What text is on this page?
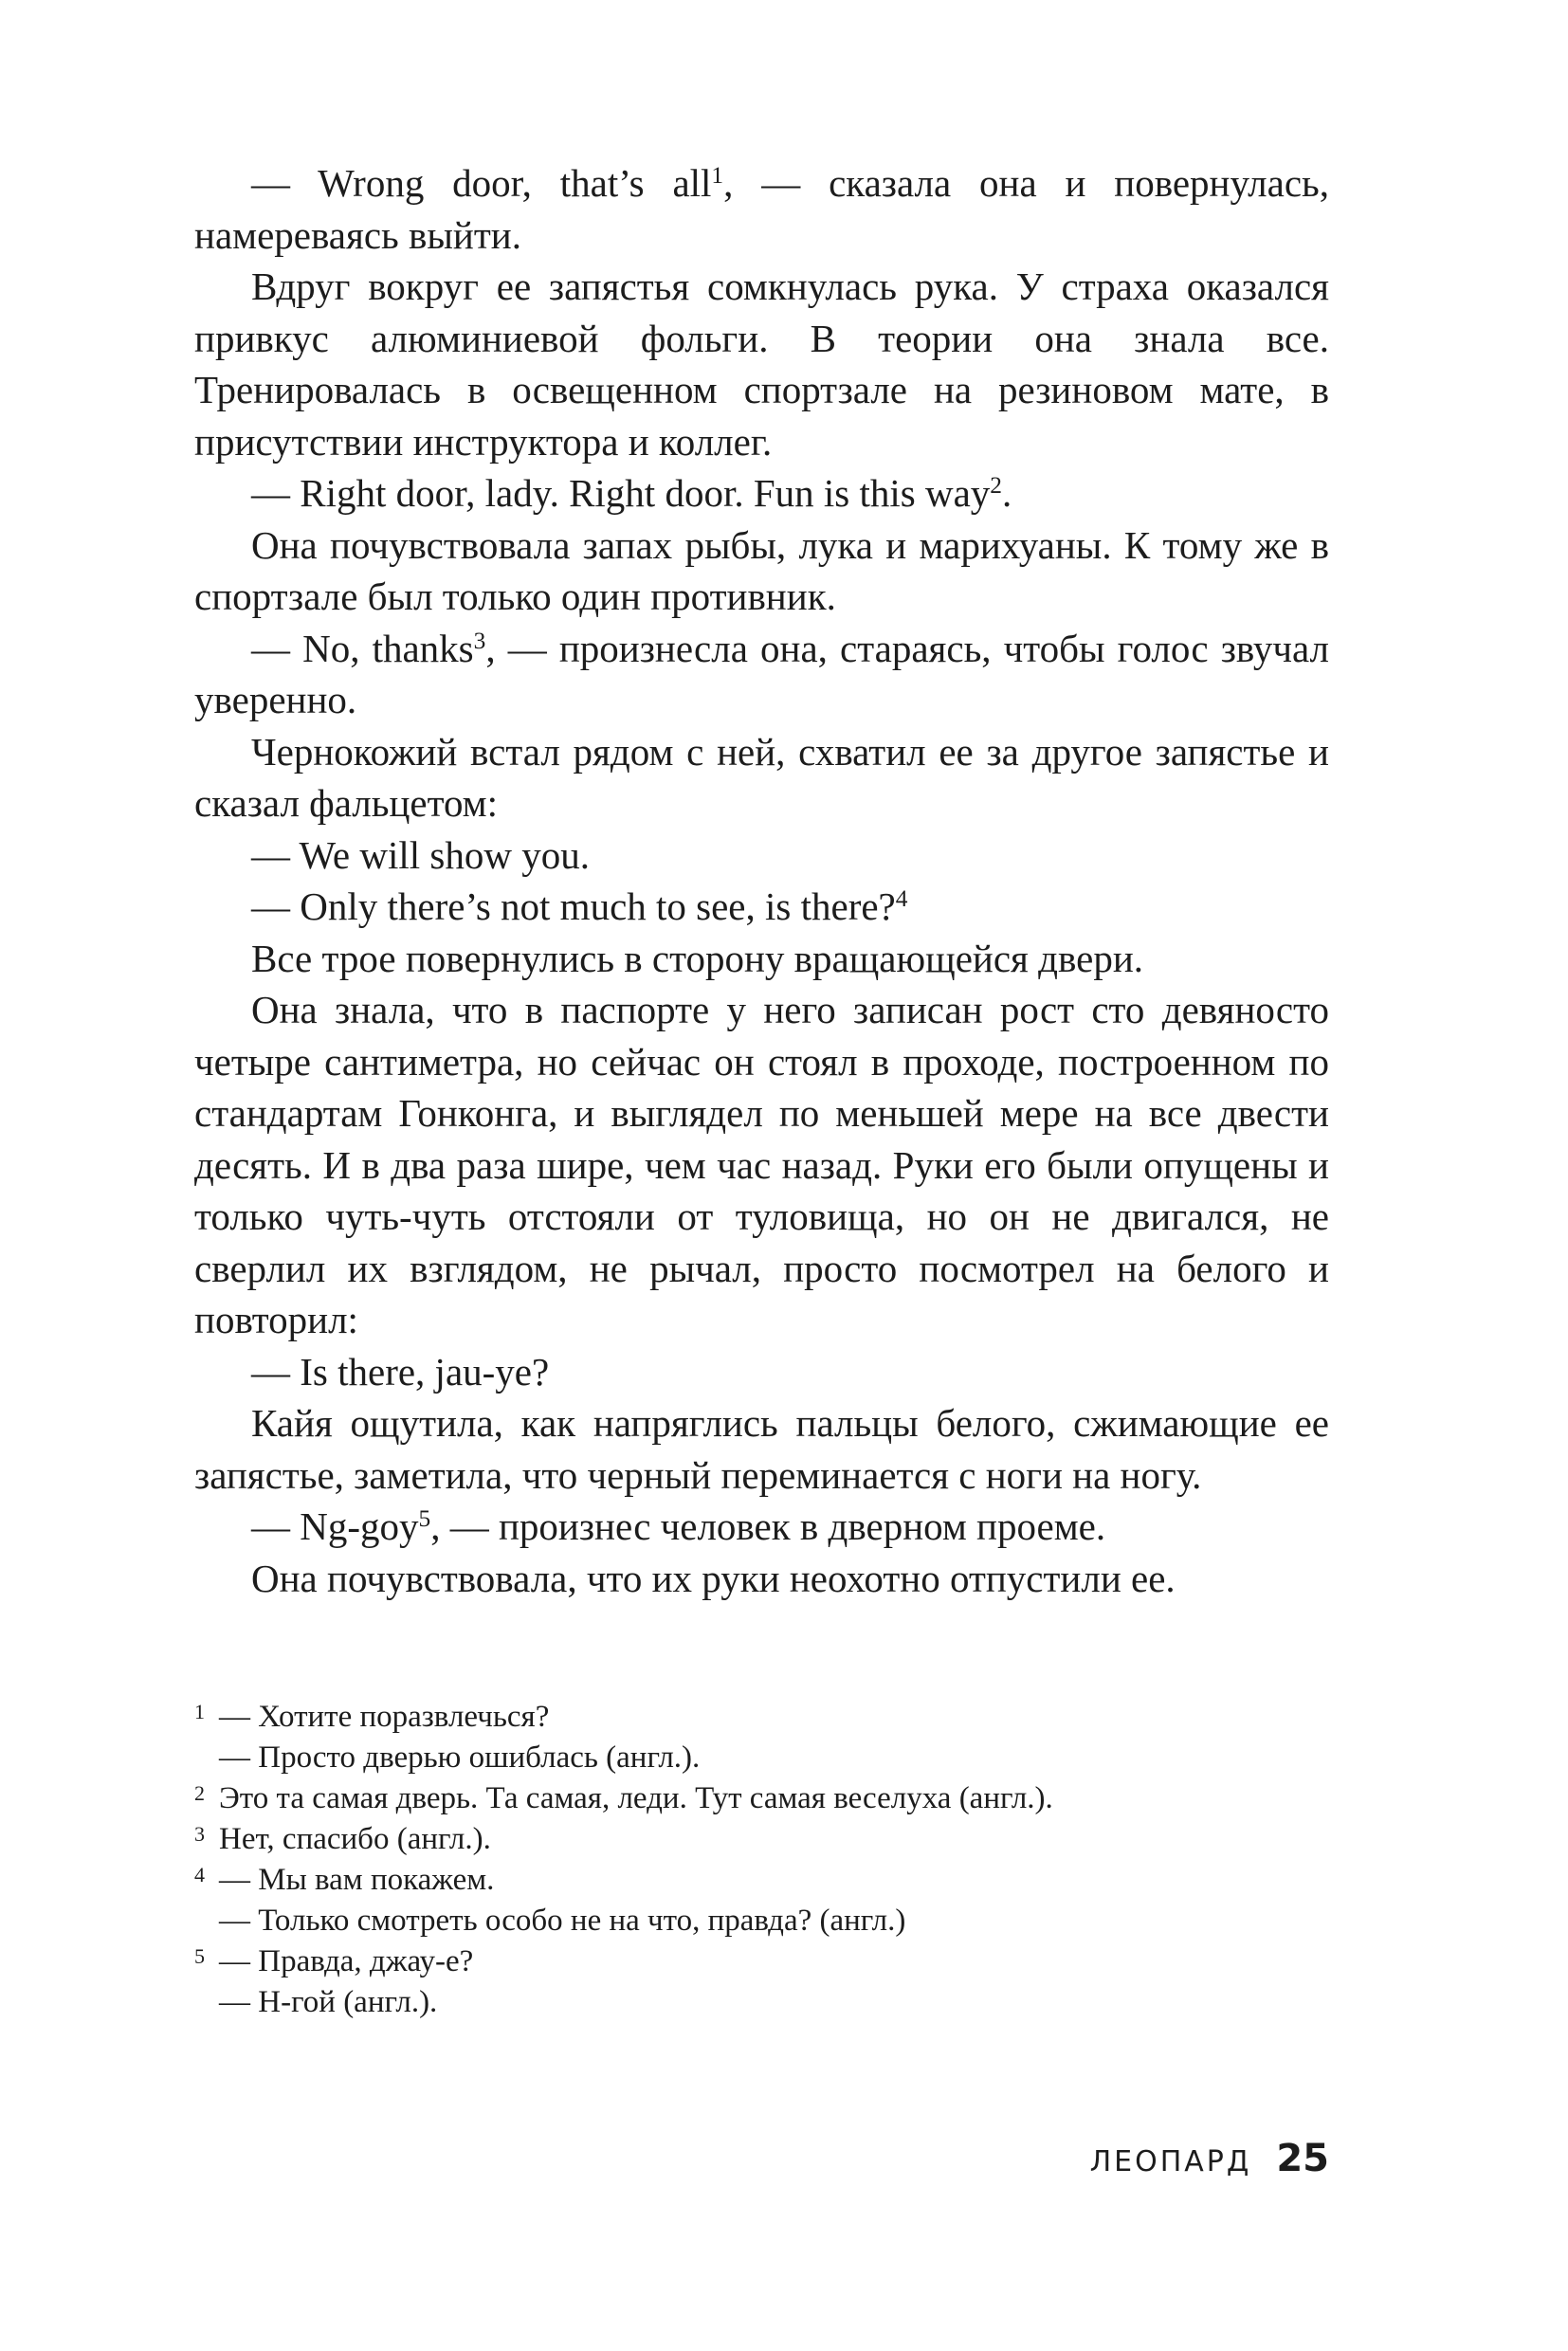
— Wrong door, that’s all$^1$, — сказала она и повернулась, намереваясь выйти.

Вдруг вокруг ее запястья сомкнулась рука. У страха оказался привкус алюминиевой фольги. В теории она знала все. Тренировалась в освещенном спортзале на резиновом мате, в присутствии инструктора и коллег.

— Right door, lady. Right door. Fun is this way$^2$.

Она почувствовала запах рыбы, лука и марихуаны. К тому же в спортзале был только один противник.

— No, thanks$^3$, — произнесла она, стараясь, чтобы голос звучал уверенно.

Чернокожий встал рядом с ней, схватил ее за другое запястье и сказал фальцетом:

— We will show you.

— Only there’s not much to see, is there?$^4$

Все трое повернулись в сторону вращающейся двери.

Она знала, что в паспорте у него записан рост сто девяносто четыре сантиметра, но сейчас он стоял в проходе, построенном по стандартам Гонконга, и выглядел по меньшей мере на все двести десять. И в два раза шире, чем час назад. Руки его были опущены и только чуть-чуть отстояли от туловища, но он не двигался, не сверлил их взглядом, не рычал, просто посмотрел на белого и повторил:

— Is there, jau-ye?

Кайя ощутила, как напряглись пальцы белого, сжимающие ее запястье, заметила, что черный переминается с ноги на ногу.

— Ng-goy$^5$, — произнес человек в дверном проеме.

Она почувствовала, что их руки неохотно отпустили ее.

1 — Хотите поразвлечься?
— Просто дверью ошиблась (англ.).
2 Это та самая дверь. Та самая, леди. Тут самая веселуха (англ.).
3 Нет, спасибо (англ.).
4 — Мы вам покажем.
— Только смотреть особо не на что, правда? (англ.)
5 — Правда, джау-е?
— Н-гой (англ.).
ЛЕОПАРД 25
